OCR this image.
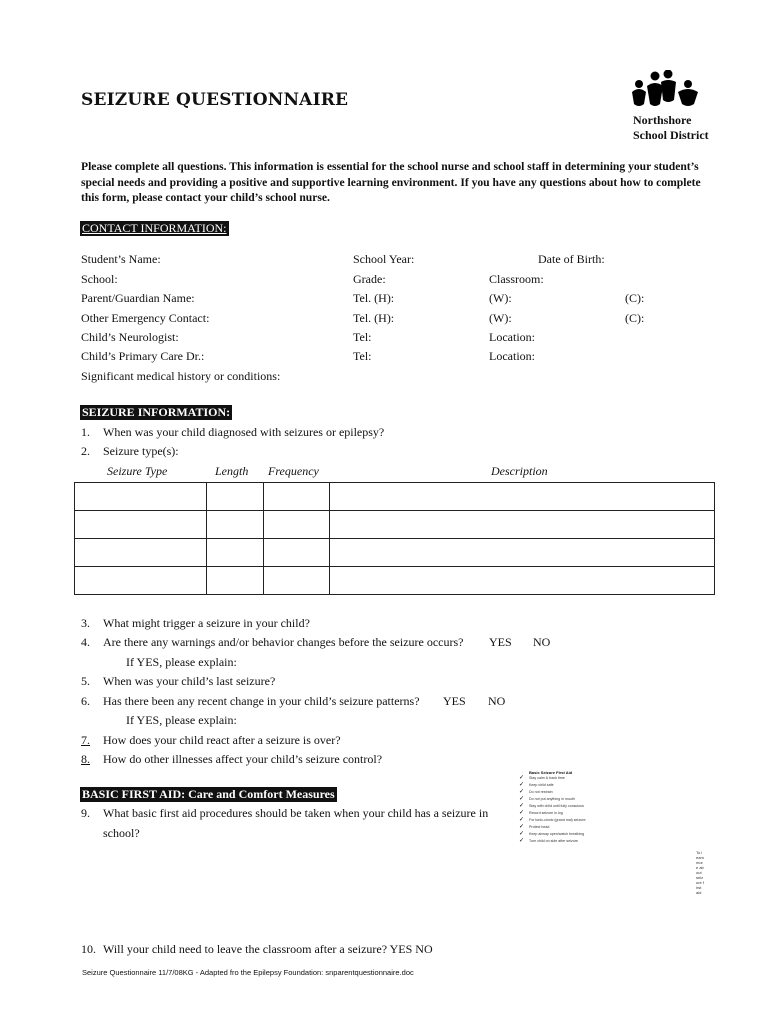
SEIZURE QUESTIONNAIRE
Northshore
School District
Please complete all questions. This information is essential for the school nurse and school staff in determining your student’s special needs and providing a positive and supportive learning environment. If you have any questions about how to complete this form, please contact your child’s school nurse.
CONTACT INFORMATION:
Student’s Name:	School Year:	Date of Birth:
School:	Grade:	Classroom:
Parent/Guardian Name:	Tel. (H):	(W):	(C):
Other Emergency Contact:	Tel. (H):	(W):	(C):
Child’s Neurologist:	Tel:	Location:
Child’s Primary Care Dr.:	Tel:	Location:
Significant medical history or conditions:
SEIZURE INFORMATION:
1. When was your child diagnosed with seizures or epilepsy?
2. Seizure type(s):
Seizure Type	Length Frequency	Description

3. What might trigger a seizure in your child?
4. Are there any warnings and/or behavior changes before the seizure occurs? YES NO
If YES, please explain:
5. When was your child’s last seizure?
6. Has there been any recent change in your child’s seizure patterns? YES NO
If YES, please explain:
7. How does your child react after a seizure is over?
8. How do other illnesses affect your child’s seizure control?
BASIC FIRST AID: Care and Comfort Measures
9. What basic first aid procedures should be taken when your child has a seizure in
school?
Basic Seizure First Aid
✓ Stay calm & track time
✓ Keep child safe
✓ Do not restrain
✓ Do not put anything in mouth
✓ Stay with child until fully conscious
✓ Record seizure in log
✓ For tonic-clonic (grand mal) seizure:
✓ Protect head
✓ Keep airway open/watch breathing
✓ Turn child on side after seizure
To learn more about seizure first aid
10. Will your child need to leave the classroom after a seizure? YES NO
Seizure Questionnaire 11/7/08KG - Adapted fro the Epilepsy Foundation: snparentquestionnaire.doc
